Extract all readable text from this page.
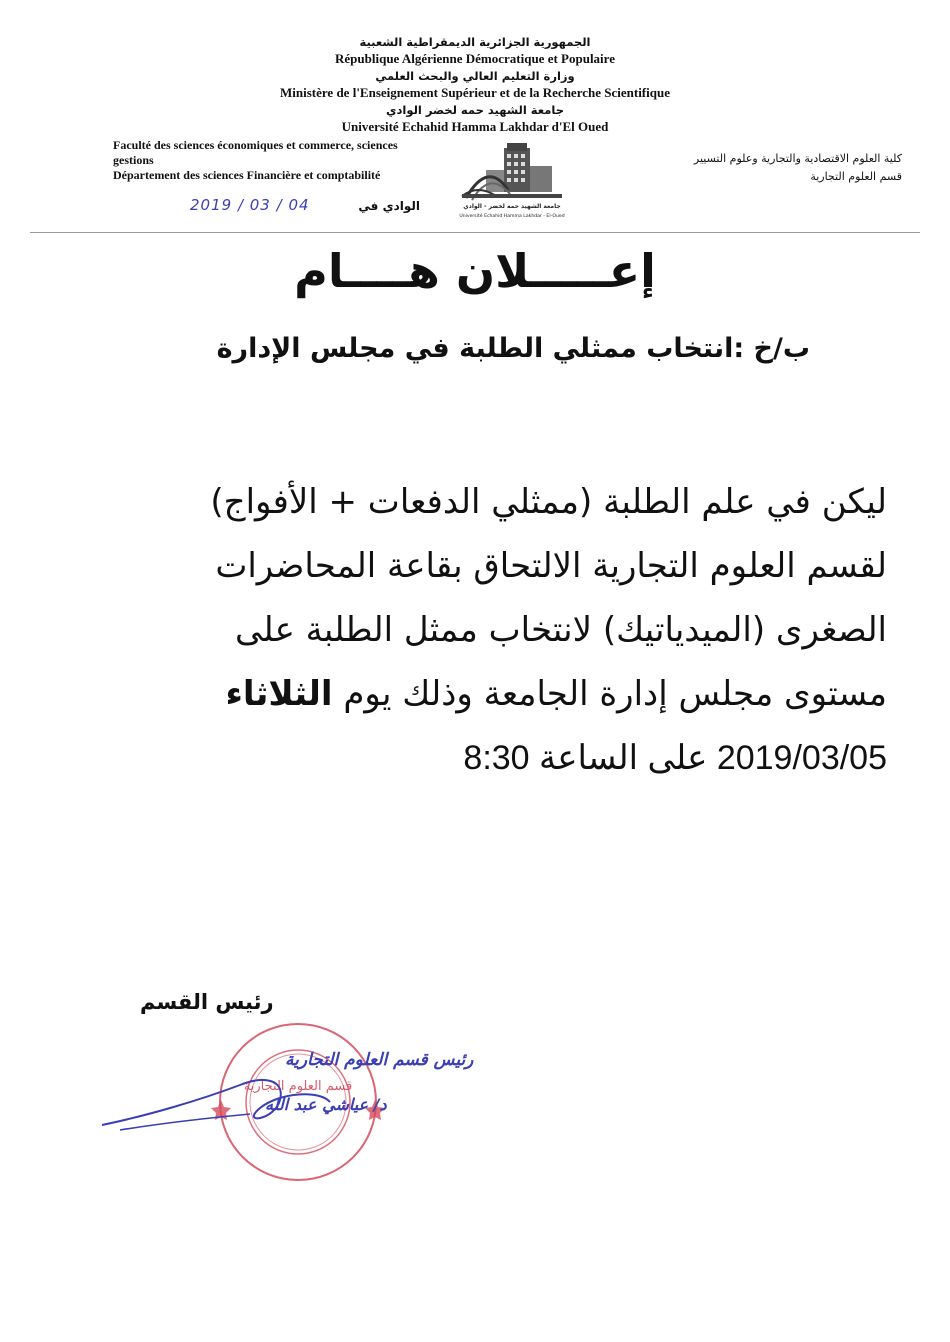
الجمهورية الجزائرية الديمقراطية الشعبية
République Algérienne Démocratique et Populaire
وزارة التعليم العالي والبحث العلمي
Ministère de l'Enseignement Supérieur et de la Recherche Scientifique
جامعة الشهيد حمه لخضر الوادي
Université Echahid Hamma Lakhdar d'El Oued
Faculté des sciences économiques et commerce, sciences
gestions
Département des sciences Financière et comptabilité
كلية العلوم الاقتصادية والتجارية وعلوم التسيير
قسم العلوم التجارية
جامعة الشهيد حمه لخضر - الوادي
Université Echahid Hamma Lakhdar - El-Oued
2019 / 03 / 04	الوادي في
إعـــــلان هــــام
ب/خ :انتخاب ممثلي الطلبة في مجلس الإدارة
ليكن في علم الطلبة (ممثلي الدفعات + الأفواج)
لقسم العلوم التجارية الالتحاق بقاعة المحاضرات
الصغرى (الميدياتيك) لانتخاب ممثل الطلبة على
مستوى مجلس إدارة الجامعة وذلك يوم الثلاثاء
2019/03/05 على الساعة 8:30
رئيس القسم
قسم العلوم التجارية
رئيس قسم العلوم التجارية
د/ عياشي عبد الله
